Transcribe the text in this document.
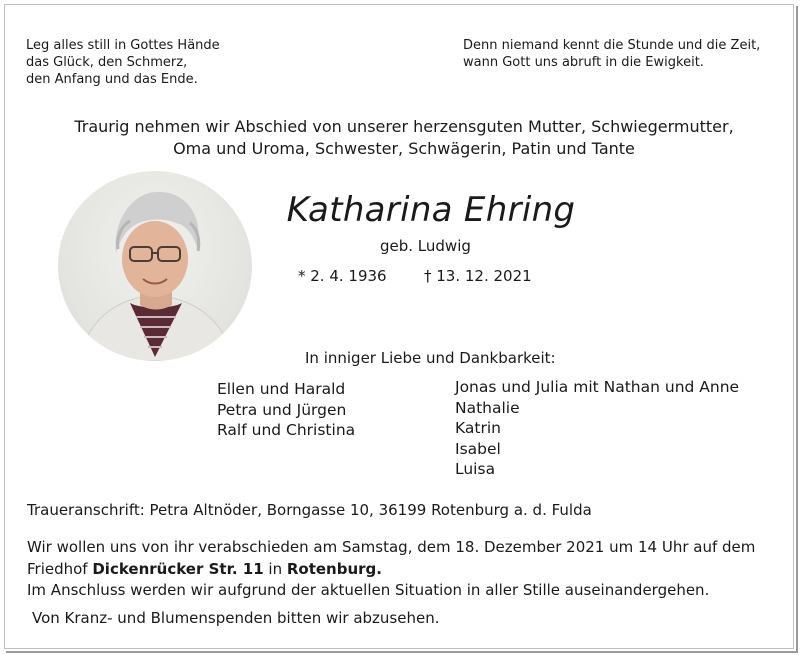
Leg alles still in Gottes Hände
das Glück, den Schmerz,
den Anfang und das Ende.
Denn niemand kennt die Stunde und die Zeit,
wann Gott uns abruft in die Ewigkeit.
Traurig nehmen wir Abschied von unserer herzensguten Mutter, Schwiegermutter,
Oma und Uroma, Schwester, Schwägerin, Patin und Tante
Katharina Ehring
geb. Ludwig
* 2. 4. 1936 † 13. 12. 2021
In inniger Liebe und Dankbarkeit:
Ellen und Harald
Petra und Jürgen
Ralf und Christina
Jonas und Julia mit Nathan und Anne
Nathalie
Katrin
Isabel
Luisa
Traueranschrift: Petra Altnöder, Borngasse 10, 36199 Rotenburg a. d. Fulda
Wir wollen uns von ihr verabschieden am Samstag, dem 18. Dezember 2021 um 14 Uhr auf dem
Friedhof Dickenrücker Str. 11 in Rotenburg.
Im Anschluss werden wir aufgrund der aktuellen Situation in aller Stille auseinandergehen.
Von Kranz- und Blumenspenden bitten wir abzusehen.
